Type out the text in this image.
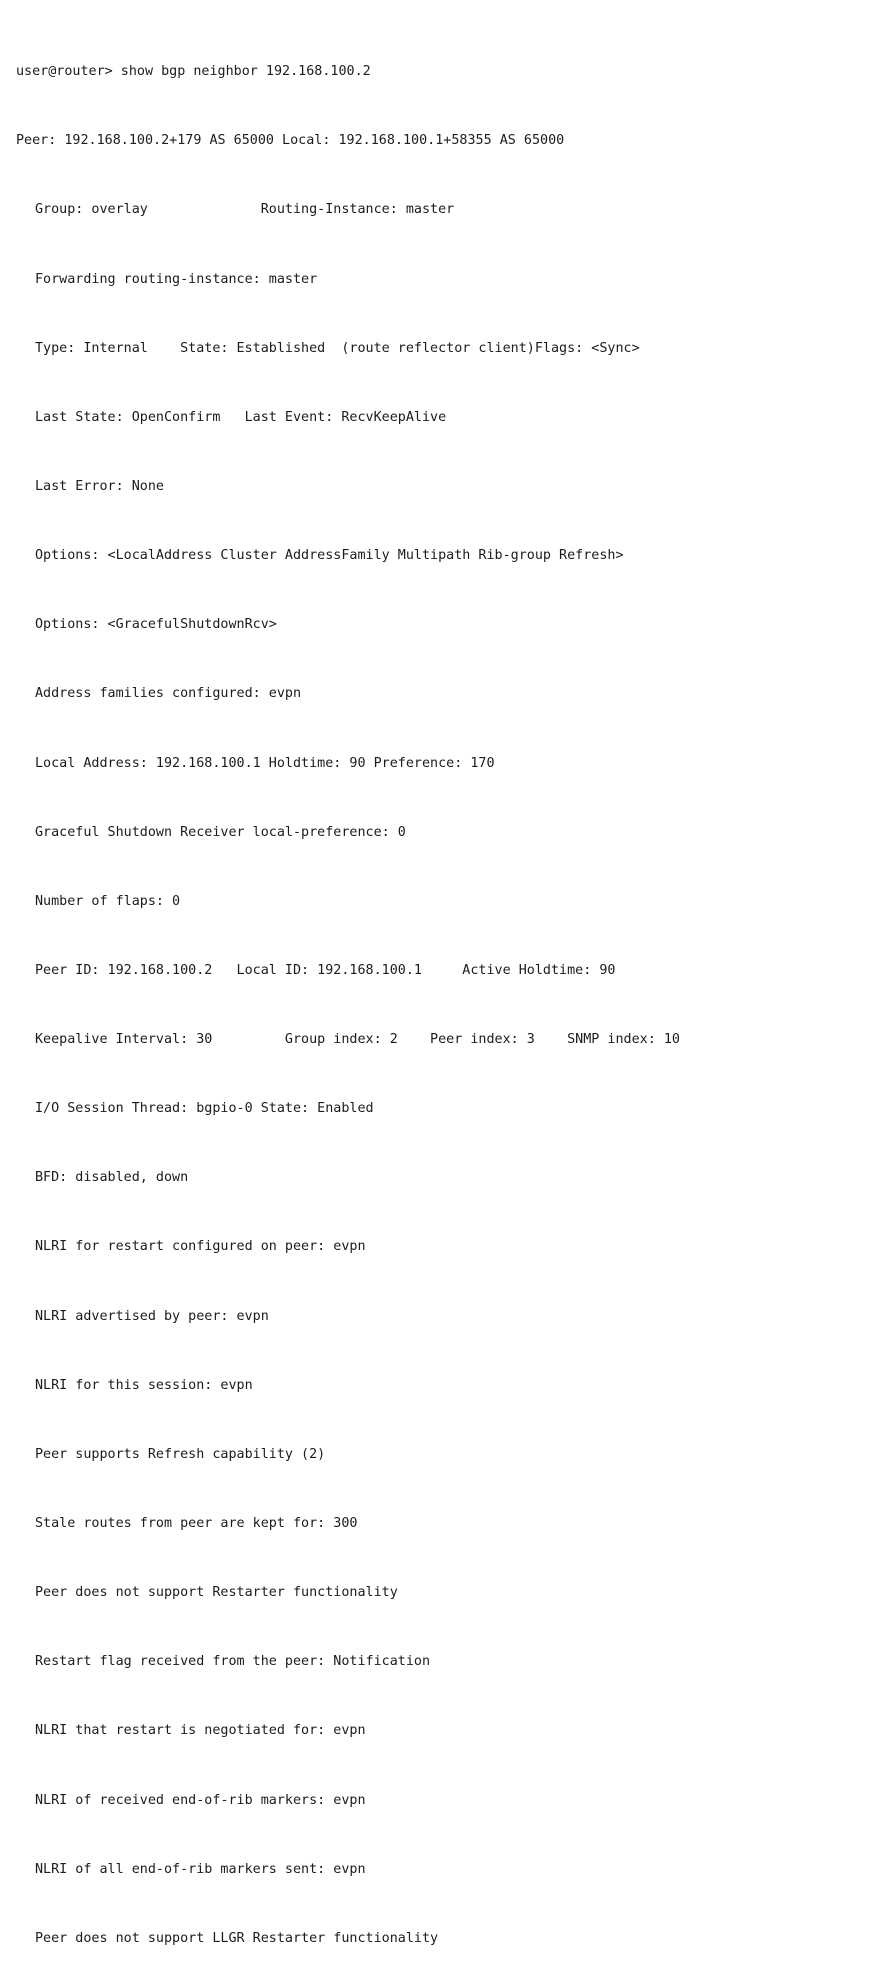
user@router> show bgp neighbor 192.168.100.2

Peer: 192.168.100.2+179 AS 65000 Local: 192.168.100.1+58355 AS 65000

Group: overlay              Routing-Instance: master

Forwarding routing-instance: master

Type: Internal    State: Established  (route reflector client)Flags: <Sync>

Last State: OpenConfirm   Last Event: RecvKeepAlive

Last Error: None

Options: <LocalAddress Cluster AddressFamily Multipath Rib-group Refresh>

Options: <GracefulShutdownRcv>

Address families configured: evpn

Local Address: 192.168.100.1 Holdtime: 90 Preference: 170

Graceful Shutdown Receiver local-preference: 0

Number of flaps: 0

Peer ID: 192.168.100.2   Local ID: 192.168.100.1     Active Holdtime: 90

Keepalive Interval: 30         Group index: 2    Peer index: 3    SNMP index: 10

I/O Session Thread: bgpio-0 State: Enabled

BFD: disabled, down

NLRI for restart configured on peer: evpn

NLRI advertised by peer: evpn

NLRI for this session: evpn

Peer supports Refresh capability (2)

Stale routes from peer are kept for: 300

Peer does not support Restarter functionality

Restart flag received from the peer: Notification

NLRI that restart is negotiated for: evpn

NLRI of received end-of-rib markers: evpn

NLRI of all end-of-rib markers sent: evpn

Peer does not support LLGR Restarter functionality
